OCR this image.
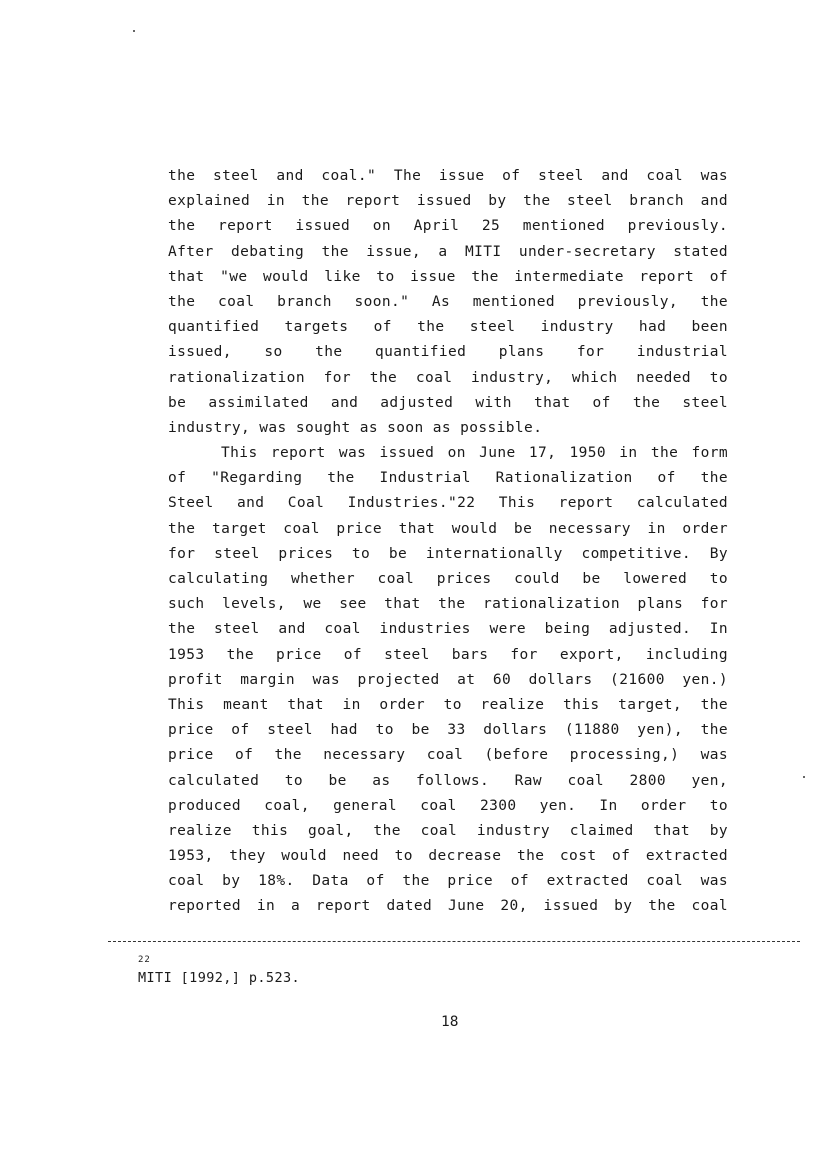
the steel and coal." The issue of steel and coal was
explained in the report issued by the steel branch and
the report issued on April 25 mentioned previously.
After debating the issue, a MITI under-secretary stated
that "we would like to issue the intermediate report of
the coal branch soon." As mentioned previously, the
quantified targets of the steel industry had been
issued, so the quantified plans for industrial
rationalization for the coal industry, which needed to
be assimilated and adjusted with that of the steel
industry, was sought as soon as possible.
This report was issued on June 17, 1950 in the form
of "Regarding the Industrial Rationalization of the
Steel and Coal Industries."22 This report calculated
the target coal price that would be necessary in order
for steel prices to be internationally competitive. By
calculating whether coal prices could be lowered to
such levels, we see that the rationalization plans for
the steel and coal industries were being adjusted. In
1953 the price of steel bars for export, including
profit margin was projected at 60 dollars (21600 yen.)
This meant that in order to realize this target, the
price of steel had to be 33 dollars (11880 yen), the
price of the necessary coal (before processing,) was
calculated to be as follows. Raw coal 2800 yen,
produced coal, general coal 2300 yen. In order to
realize this goal, the coal industry claimed that by
1953, they would need to decrease the cost of extracted
coal by 18%. Data of the price of extracted coal was
reported in a report dated June 20, issued by the coal
22
MITI [1992,] p.523.
18
